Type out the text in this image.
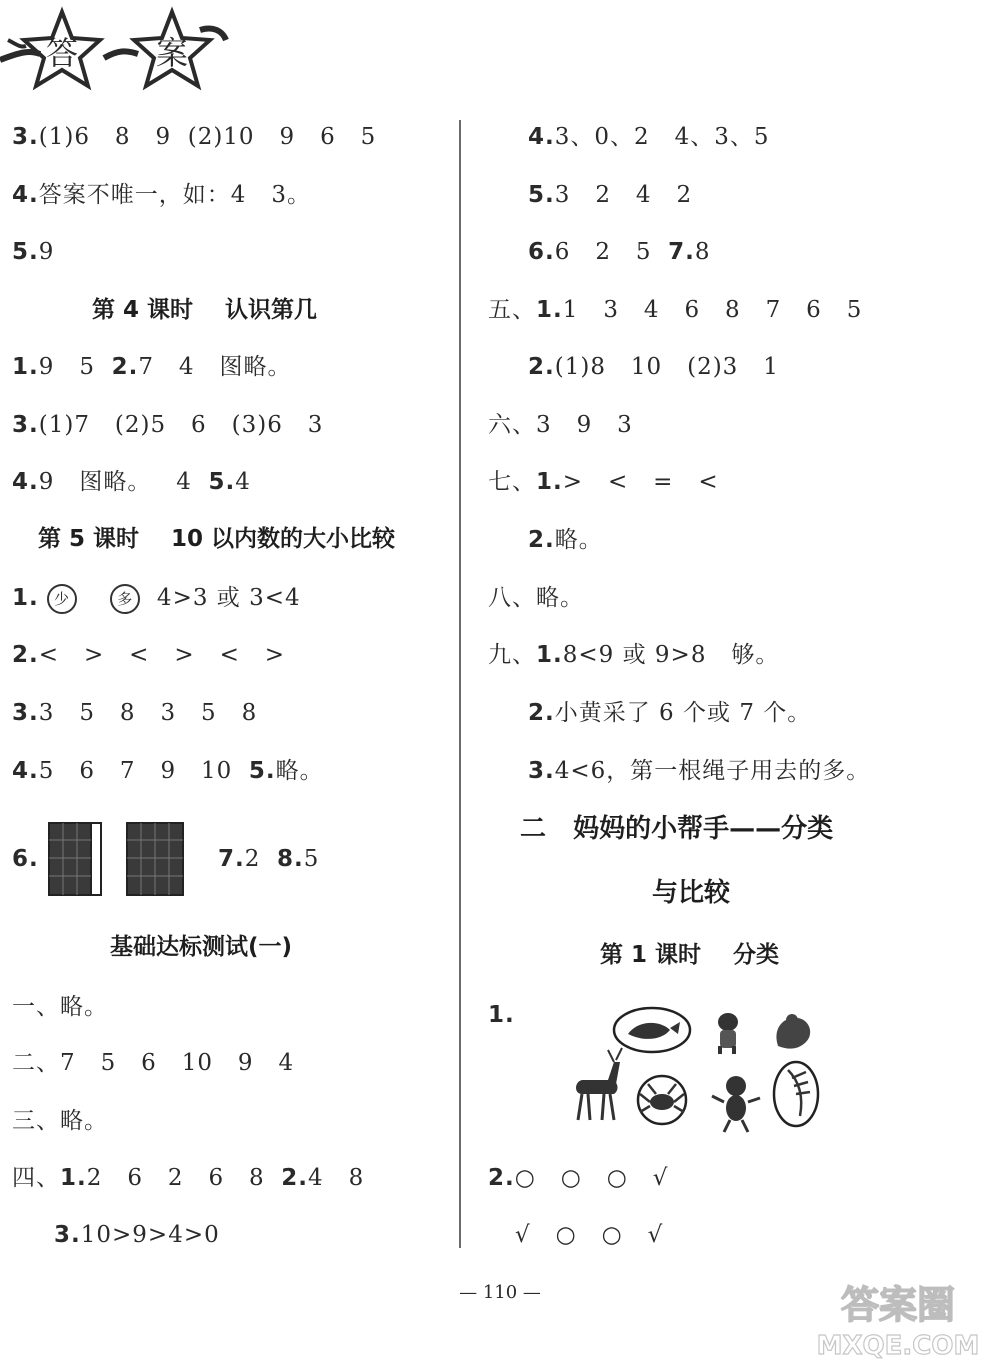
答 案
3.(1)6   8   9  (2)10   9   6   5
4.答案不唯一，如：4   3。
5.9
第 4 课时    认识第几
1.9   5  2.7   4   图略。
3.(1)7   (2)5   6   (3)6   3
4.9   图略。   4  5.4
第 5 课时    10 以内数的大小比较
1. 少	多  4>3 或 3<4
2.<   >   <   >   <   >
3.3   5   8   3   5   8
4.5   6   7   9   10  5.略。
6.	7.2  8.5
基础达标测试(一)
一、略。
二、7   5   6   10   9   4
三、略。
四、1.2   6   2   6   8  2.4   8
3.10>9>4>0
4.3、0、2   4、3、5
5.3   2   4   2
6.6   2   5  7.8
五、1.1   3   4   6   8   7   6   5
2.(1)8   10   (2)3   1
六、3   9   3
七、1.>   <   =   <
2.略。
八、略。
九、1.8<9 或 9>8   够。
2.小黄采了 6 个或 7 个。
3.4<6，第一根绳子用去的多。
二   妈妈的小帮手——分类
与比较
第 1 课时    分类
1.
2.○   ○   ○   √
√   ○   ○   √
— 110 —	答案圈
MXQE.COM
